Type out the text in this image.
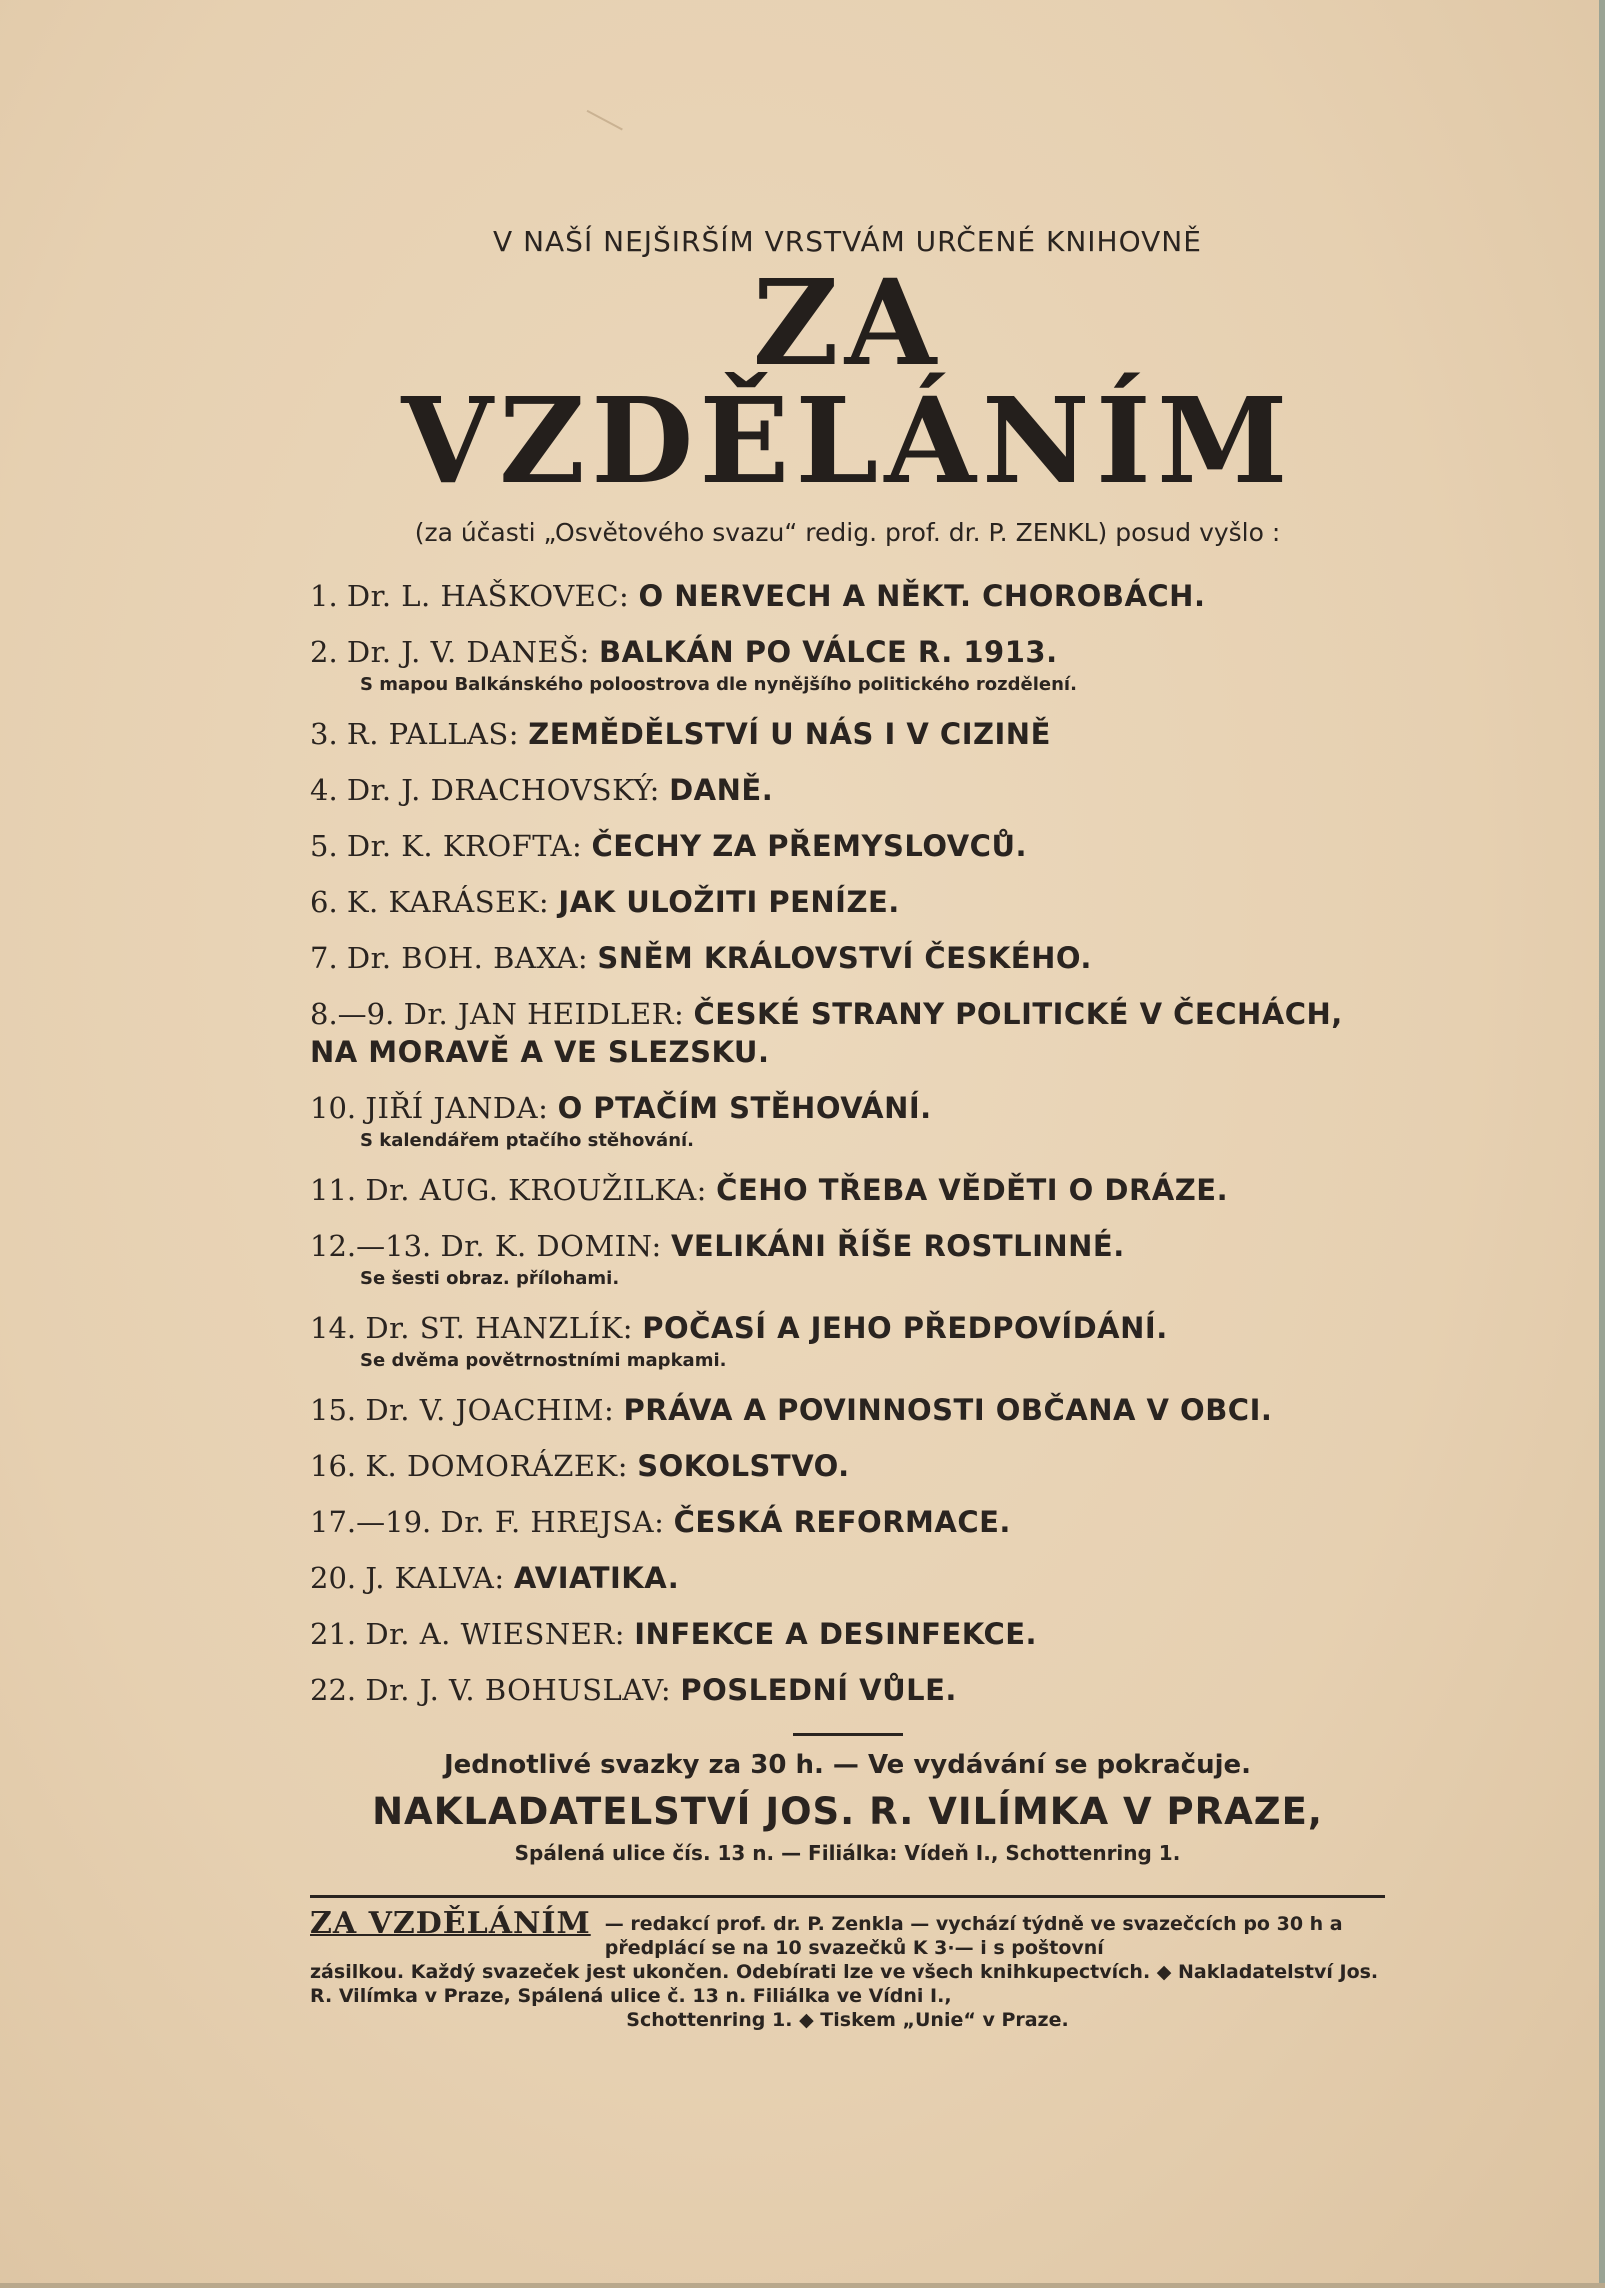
V NAŠÍ NEJŠIRŠÍM VRSTVÁM URČENÉ KNIHOVNĚ
ZA VZDĚLÁNÍM
(za účasti „Osvětového svazu“ redig. prof. dr. P. ZENKL) posud vyšlo :
1. Dr. L. HAŠKOVEC: O NERVECH A NĚKT. CHOROBÁCH.
2. Dr. J. V. DANEŠ: BALKÁN PO VÁLCE R. 1913.
S mapou Balkánského poloostrova dle nynějšího politického rozdělení.
3. R. PALLAS: ZEMĚDĚLSTVÍ U NÁS I V CIZINĚ
4. Dr. J. DRACHOVSKÝ: DANĚ.
5. Dr. K. KROFTA: ČECHY ZA PŘEMYSLOVCŮ.
6. K. KARÁSEK: JAK ULOŽITI PENÍZE.
7. Dr. BOH. BAXA: SNĚM KRÁLOVSTVÍ ČESKÉHO.
8.—9. Dr. JAN HEIDLER: ČESKÉ STRANY POLITICKÉ V ČECHÁCH, NA MORAVĚ A VE SLEZSKU.
10. JIŘÍ JANDA: O PTAČÍM STĚHOVÁNÍ.
S kalendářem ptačího stěhování.
11. Dr. AUG. KROUŽILKA: ČEHO TŘEBA VĚDĚTI O DRÁZE.
12.—13. Dr. K. DOMIN: VELIKÁNI ŘÍŠE ROSTLINNÉ.
Se šesti obraz. přílohami.
14. Dr. ST. HANZLÍK: POČASÍ A JEHO PŘEDPOVÍDÁNÍ.
Se dvěma povětrnostními mapkami.
15. Dr. V. JOACHIM: PRÁVA A POVINNOSTI OBČANA V OBCI.
16. K. DOMORÁZEK: SOKOLSTVO.
17.—19. Dr. F. HREJSA: ČESKÁ REFORMACE.
20. J. KALVA: AVIATIKA.
21. Dr. A. WIESNER: INFEKCE A DESINFEKCE.
22. Dr. J. V. BOHUSLAV: POSLEDNÍ VŮLE.
Jednotlivé svazky za 30 h. — Ve vydávání se pokračuje.
NAKLADATELSTVÍ JOS. R. VILÍMKA V PRAZE,
Spálená ulice čís. 13 n. — Filiálka: Vídeň I., Schottenring 1.
ZA VZDĚLÁNÍM — redakcí prof. dr. P. Zenkla — vychází týdně ve svazečcích po 30 h a předplácí se na 10 svazečků K 3·— i s poštovní
zásilkou. Každý svazeček jest ukončen. Odebírati lze ve všech knihkupectvích. ◆ Nakladatelství Jos. R. Vilímka v Praze, Spálená ulice č. 13 n. Filiálka ve Vídni I.,
Schottenring 1. ◆ Tiskem „Unie“ v Praze.
